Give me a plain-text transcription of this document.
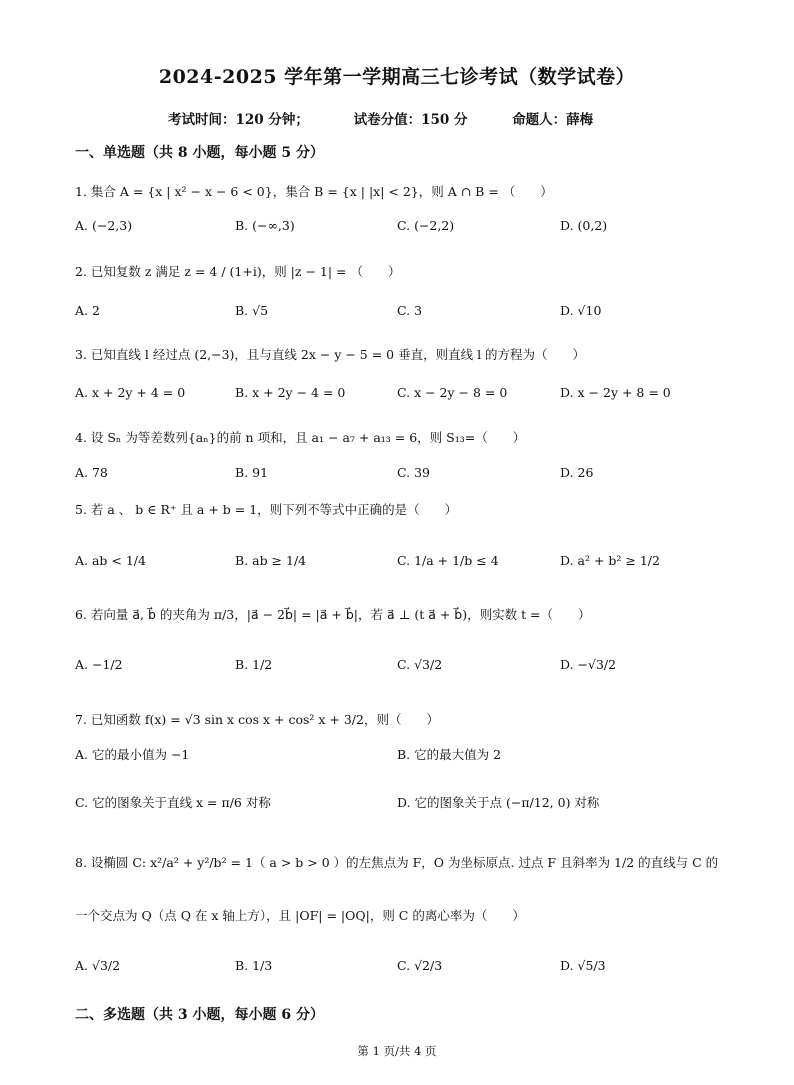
2024-2025 学年第一学期高三七诊考试（数学试卷）
考试时间：120 分钟；	试卷分值：150 分	命题人：薛梅
一、单选题（共 8 小题，每小题 5 分）
1. 集合 A = {x | x² − x − 6 < 0}，集合 B = {x | |x| < 2}，则 A ∩ B = （　　）
A. (−2,3)	B. (−∞,3)	C. (−2,2)	D. (0,2)
2. 已知复数 z 满足 z = 4 / (1+i)，则 |z − 1| = （　　）
A. 2	B. √5	C. 3	D. √10
3. 已知直线 l 经过点 (2,−3)，且与直线 2x − y − 5 = 0 垂直，则直线 l 的方程为（　　）
A. x + 2y + 4 = 0	B. x + 2y − 4 = 0	C. x − 2y − 8 = 0	D. x − 2y + 8 = 0
4. 设 Sₙ 为等差数列{aₙ}的前 n 项和，且 a₁ − a₇ + a₁₃ = 6，则 S₁₃=（　　）
A. 78	B. 91	C. 39	D. 26
5. 若 a 、 b ∈ R⁺ 且 a + b = 1，则下列不等式中正确的是（　　）
A. ab < 1/4	B. ab ≥ 1/4	C. 1/a + 1/b ≤ 4	D. a² + b² ≥ 1/2
6. 若向量 a⃗, b⃗ 的夹角为 π/3，|a⃗ − 2b⃗| = |a⃗ + b⃗|，若 a⃗ ⊥ (t a⃗ + b⃗)，则实数 t =（　　）
A. −1/2	B. 1/2	C. √3/2	D. −√3/2
7. 已知函数 f(x) = √3 sin x cos x + cos² x + 3/2，则（　　）
A. 它的最小值为 −1	B. 它的最大值为 2
C. 它的图象关于直线 x = π/6 对称	D. 它的图象关于点 (−π/12, 0) 对称
8. 设椭圆 C: x²/a² + y²/b² = 1（ a > b > 0 ）的左焦点为 F，O 为坐标原点. 过点 F 且斜率为 1/2 的直线与 C 的
一个交点为 Q（点 Q 在 x 轴上方），且 |OF| = |OQ|，则 C 的离心率为（　　）
A. √3/2	B. 1/3	C. √2/3	D. √5/3
二、多选题（共 3 小题，每小题 6 分）
第 1 页/共 4 页
